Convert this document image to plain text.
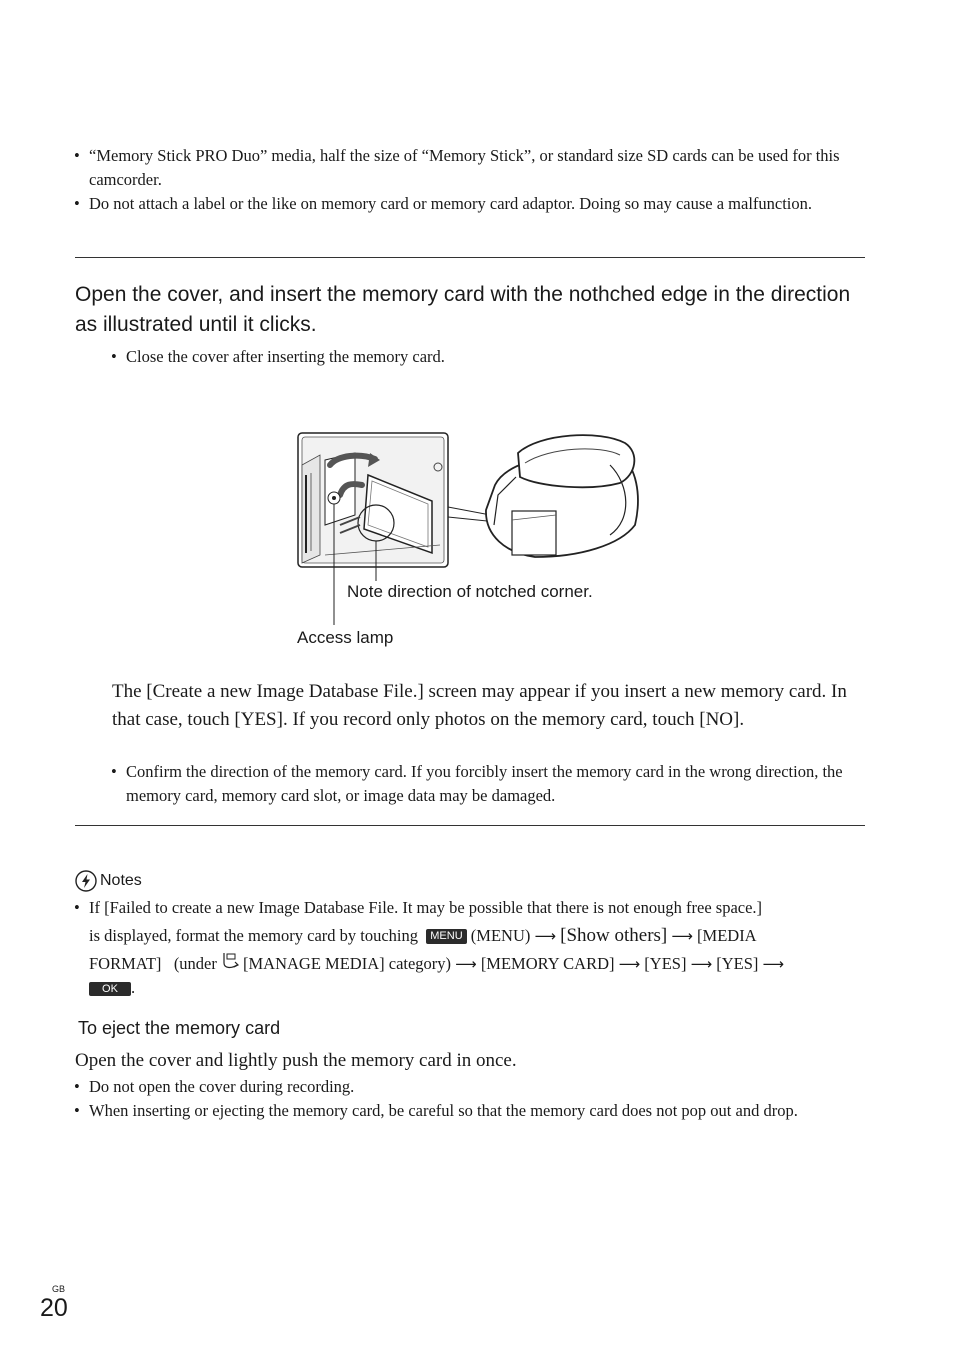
• “Memory Stick PRO Duo” media, half the size of “Memory Stick”, or standard size SD cards can be used for this camcorder.
• Do not attach a label or the like on memory card or memory card adaptor. Doing so may cause a malfunction.
Open the cover, and insert the memory card with the nothched edge in the direction as illustrated until it clicks.
• Close the cover after inserting the memory card.
Note direction of notched corner.
Access lamp
The [Create a new Image Database File.] screen may appear if you insert a new memory card. In that case, touch [YES]. If you record only photos on the memory card, touch [NO].
• Confirm the direction of the memory card. If you forcibly insert the memory card in the wrong direction, the memory card, memory card slot, or image data may be damaged.
Notes
• If [Failed to create a new Image Database File. It may be possible that there is not enough free space.]
is displayed, format the memory card by touching MENU (MENU) ⟶ [Show others] ⟶ [MEDIA
FORMAT] (under [MANAGE MEDIA] category) ⟶ [MEMORY CARD] ⟶ [YES] ⟶ [YES] ⟶
OK .
To eject the memory card
Open the cover and lightly push the memory card in once.
• Do not open the cover during recording.
• When inserting or ejecting the memory card, be careful so that the memory card does not pop out and drop.
GB
20
